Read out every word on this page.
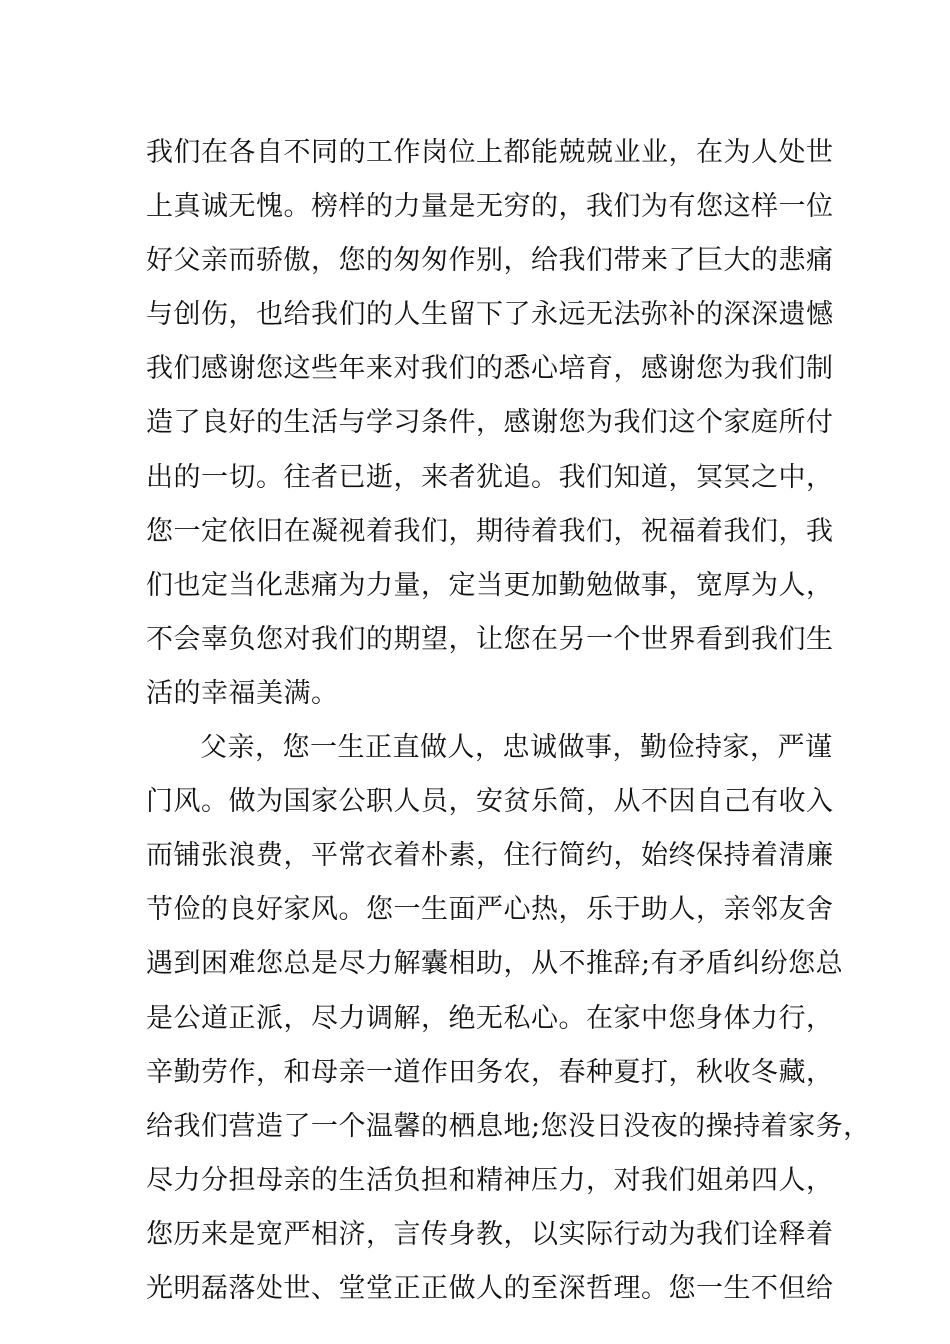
我们在各自不同的工作岗位上都能兢兢业业，在为人处世
上真诚无愧。榜样的力量是无穷的，我们为有您这样一位
好父亲而骄傲，您的匆匆作别，给我们带来了巨大的悲痛
与创伤，也给我们的人生留下了永远无法弥补的深深遗憾
我们感谢您这些年来对我们的悉心培育，感谢您为我们制
造了良好的生活与学习条件，感谢您为我们这个家庭所付
出的一切。往者已逝，来者犹追。我们知道，冥冥之中，
您一定依旧在凝视着我们，期待着我们，祝福着我们，我
们也定当化悲痛为力量，定当更加勤勉做事，宽厚为人，
不会辜负您对我们的期望，让您在另一个世界看到我们生
活的幸福美满。
父亲，您一生正直做人，忠诚做事，勤俭持家，严谨
门风。做为国家公职人员，安贫乐简，从不因自己有收入
而铺张浪费，平常衣着朴素，住行简约，始终保持着清廉
节俭的良好家风。您一生面严心热，乐于助人，亲邻友舍
遇到困难您总是尽力解囊相助，从不推辞;有矛盾纠纷您总
是公道正派，尽力调解，绝无私心。在家中您身体力行，
辛勤劳作，和母亲一道作田务农，春种夏打，秋收冬藏，
给我们营造了一个温馨的栖息地;您没日没夜的操持着家务，
尽力分担母亲的生活负担和精神压力，对我们姐弟四人，
您历来是宽严相济，言传身教，以实际行动为我们诠释着
光明磊落处世、堂堂正正做人的至深哲理。您一生不但给
